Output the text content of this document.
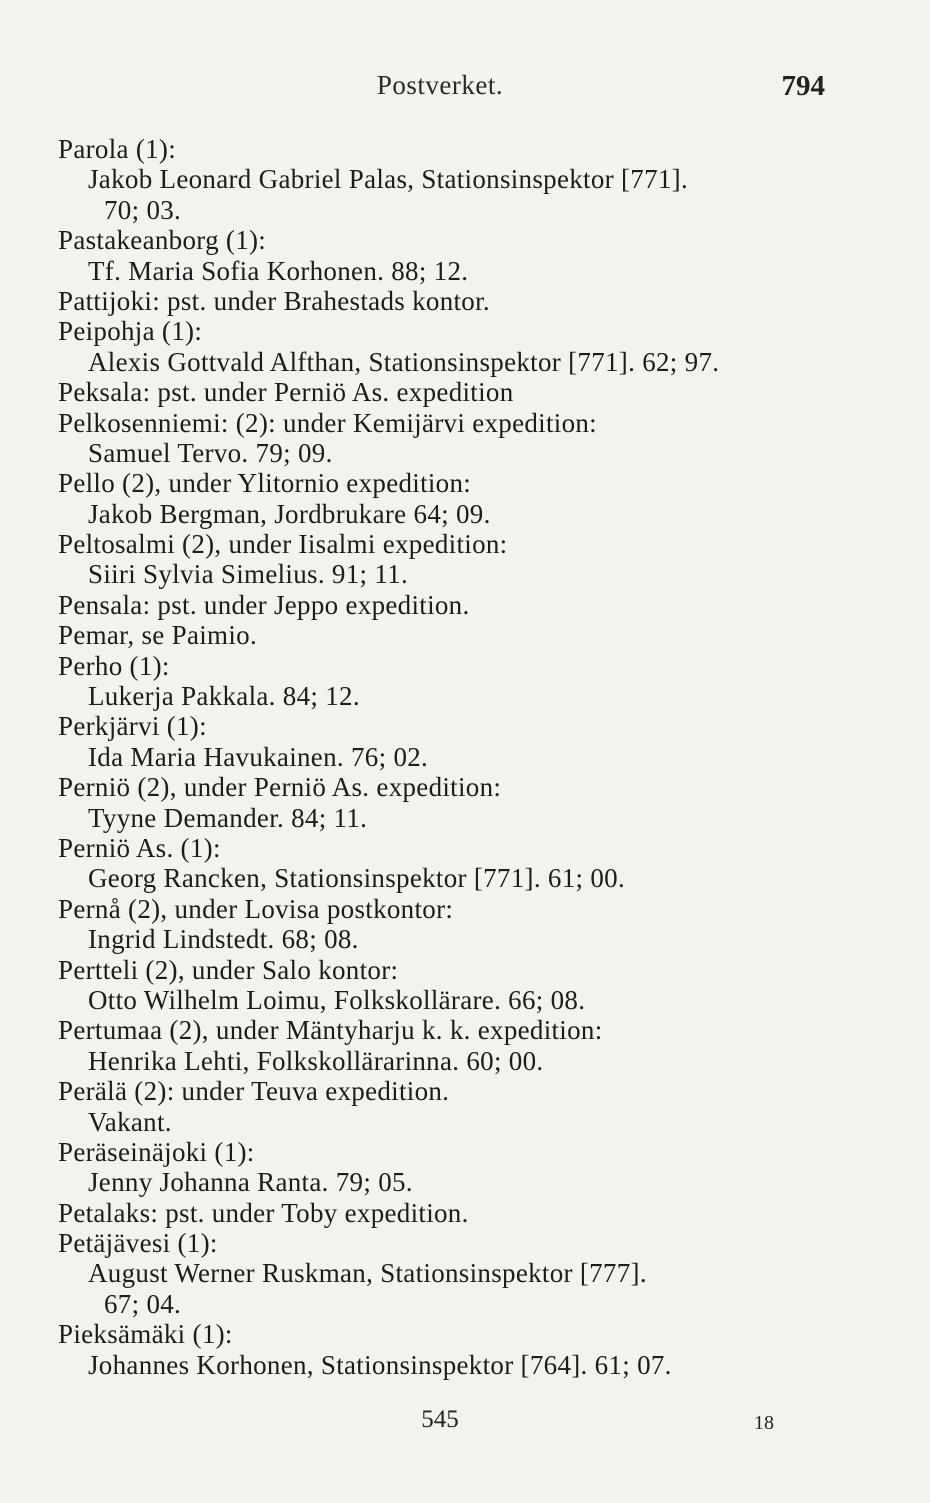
Postverket.	794
Parola (1):
Jakob Leonard Gabriel Palas, Stationsinspektor [771].
70; 03.
Pastakeanborg (1):
Tf. Maria Sofia Korhonen. 88; 12.
Pattijoki: pst. under Brahestads kontor.
Peipohja (1):
Alexis Gottvald Alfthan, Stationsinspektor [771]. 62; 97.
Peksala: pst. under Perniö As. expedition
Pelkosenniemi: (2): under Kemijärvi expedition:
Samuel Tervo. 79; 09.
Pello (2), under Ylitornio expedition:
Jakob Bergman, Jordbrukare 64; 09.
Peltosalmi (2), under Iisalmi expedition:
Siiri Sylvia Simelius. 91; 11.
Pensala: pst. under Jeppo expedition.
Pemar, se Paimio.
Perho (1):
Lukerja Pakkala. 84; 12.
Perkjärvi (1):
Ida Maria Havukainen. 76; 02.
Perniö (2), under Perniö As. expedition:
Tyyne Demander. 84; 11.
Perniö As. (1):
Georg Rancken, Stationsinspektor [771]. 61; 00.
Pernå (2), under Lovisa postkontor:
Ingrid Lindstedt. 68; 08.
Pertteli (2), under Salo kontor:
Otto Wilhelm Loimu, Folkskollärare. 66; 08.
Pertumaa (2), under Mäntyharju k. k. expedition:
Henrika Lehti, Folkskollärarinna. 60; 00.
Perälä (2): under Teuva expedition.
Vakant.
Peräseinäjoki (1):
Jenny Johanna Ranta. 79; 05.
Petalaks: pst. under Toby expedition.
Petäjävesi (1):
August Werner Ruskman, Stationsinspektor [777].
67; 04.
Pieksämäki (1):
Johannes Korhonen, Stationsinspektor [764]. 61; 07.
545	18
